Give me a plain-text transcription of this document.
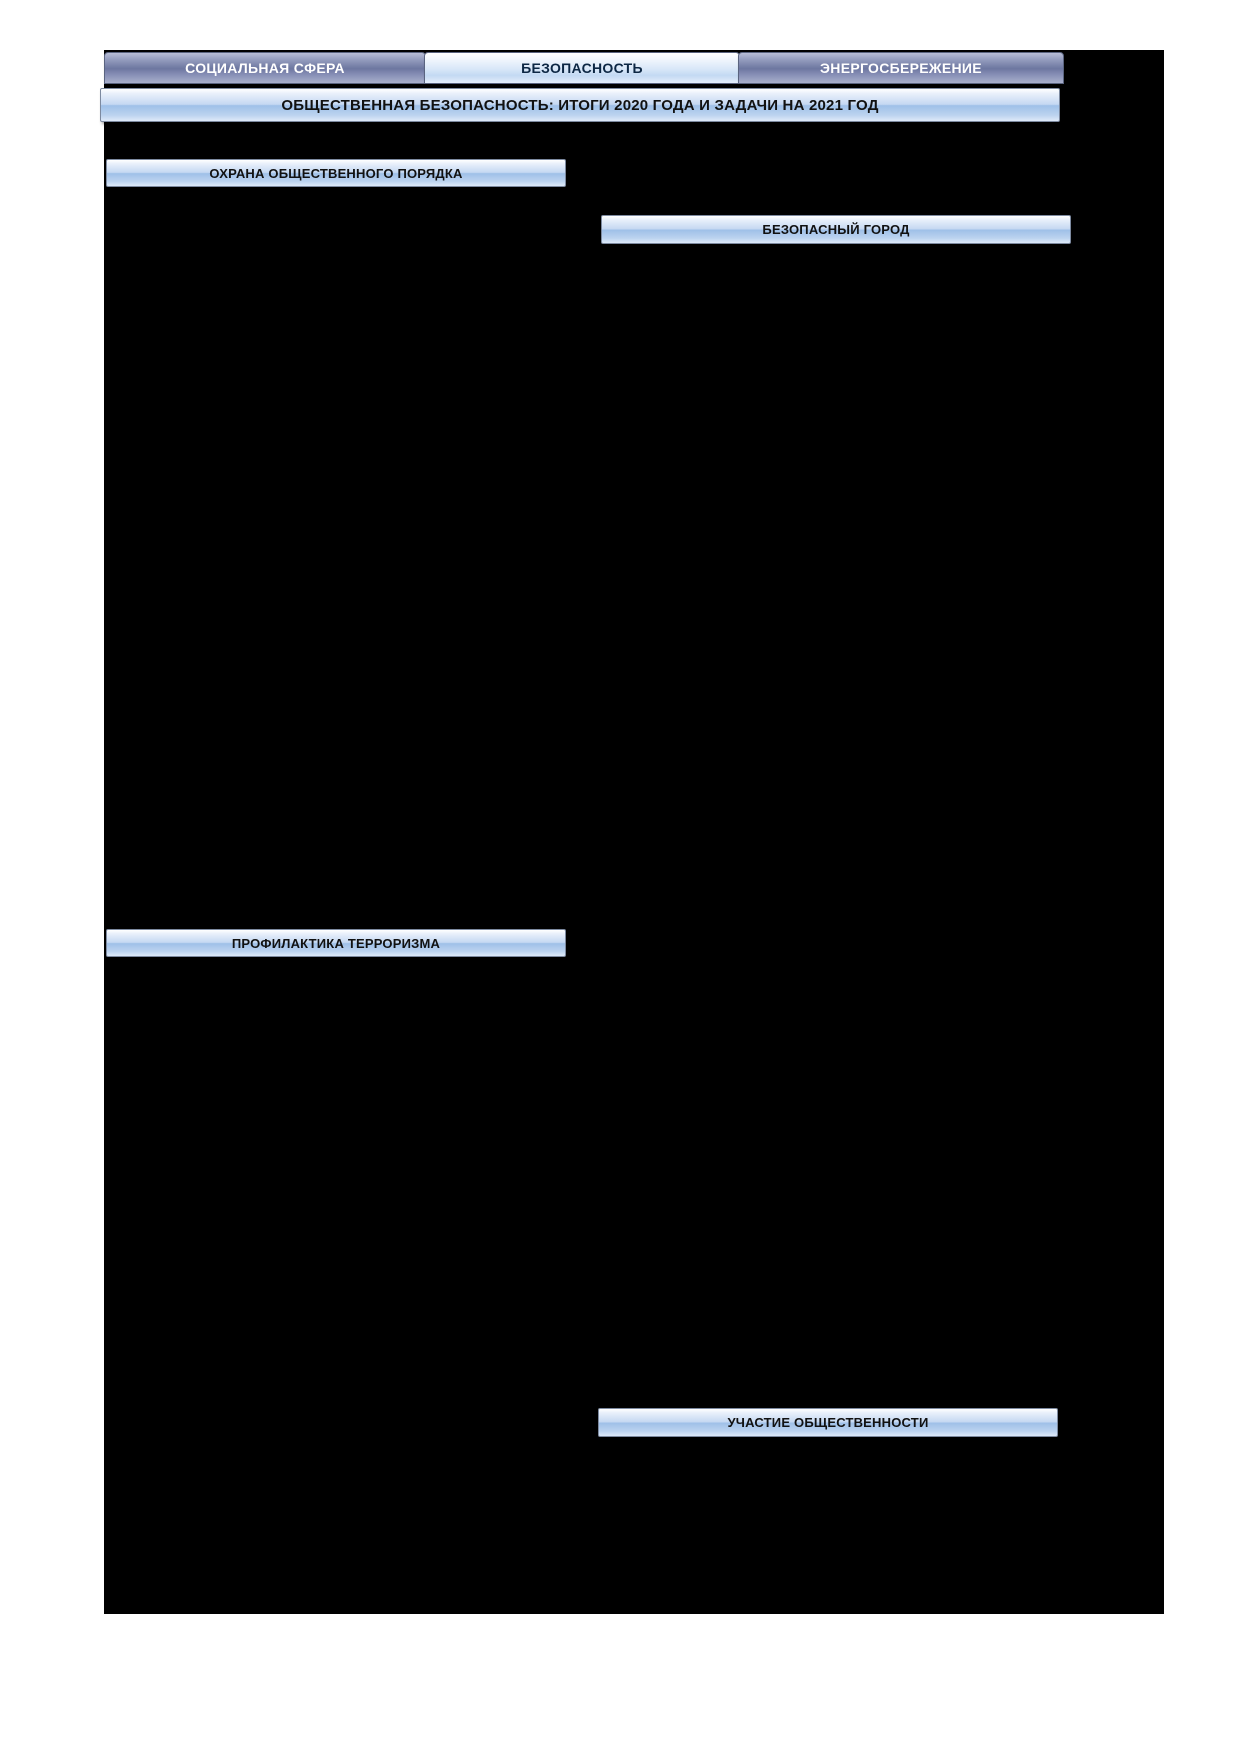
СОЦИАЛЬНАЯ СФЕРА	БЕЗОПАСНОСТЬ	ЭНЕРГОСБЕРЕЖЕНИЕ
ОБЩЕСТВЕННАЯ БЕЗОПАСНОСТЬ: ИТОГИ 2020 ГОДА И ЗАДАЧИ НА 2021 ГОД
ОХРАНА ОБЩЕСТВЕННОГО ПОРЯДКА
БЕЗОПАСНЫЙ ГОРОД
ПРОФИЛАКТИКА ТЕРРОРИЗМА
УЧАСТИЕ ОБЩЕСТВЕННОСТИ
